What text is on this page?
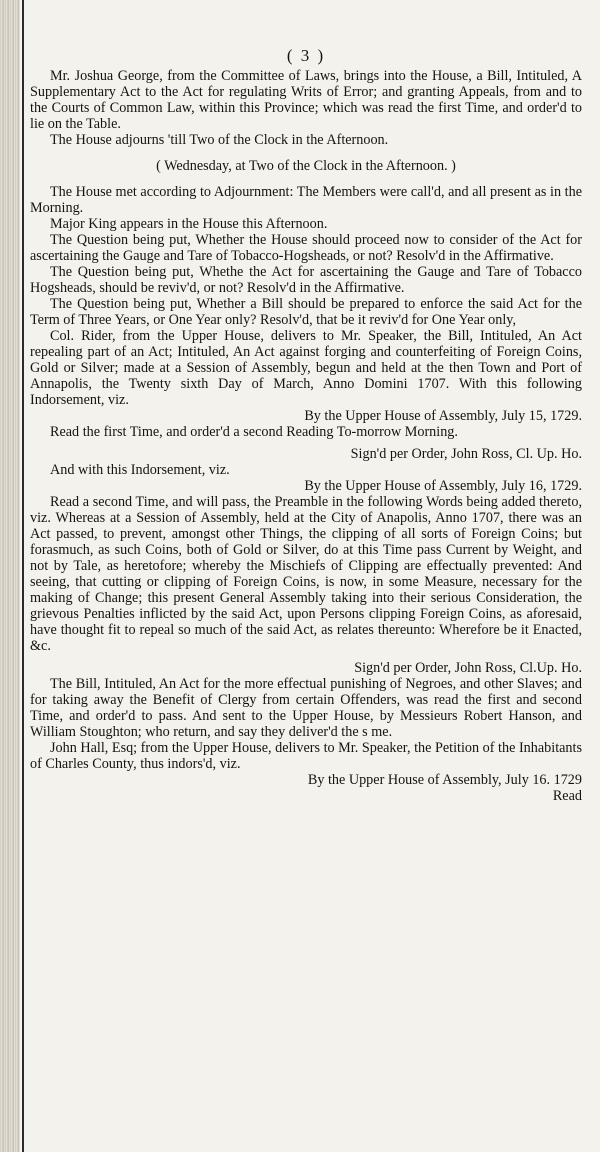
( 3 )

Mr. Joshua George, from the Committee of Laws, brings into the House, a Bill, Intituled, A Supplementary Act to the Act for regulating Writs of Error; and granting Appeals, from and to the Courts of Common Law, within this Province; which was read the first Time, and order'd to lie on the Table.

The House adjourns 'till Two of the Clock in the Afternoon.

( Wednesday, at Two of the Clock in the Afternoon. )

The House met according to Adjournment: The Members were call'd, and all present as in the Morning.

Major King appears in the House this Afternoon.

The Question being put, Whether the House should proceed now to consider of the Act for ascertaining the Gauge and Tare of Tobacco-Hogsheads, or not? Resolv'd in the Affirmative.

The Question being put, Whethe the Act for ascertaining the Gauge and Tare of Tobacco Hogsheads, should be reviv'd, or not? Resolv'd in the Affirmative.

The Question being put, Whether a Bill should be prepared to enforce the said Act for the Term of Three Years, or One Year only? Resolv'd, that be it reviv'd for One Year only,

Col. Rider, from the Upper House, delivers to Mr. Speaker, the Bill, Intituled, An Act repealing part of an Act; Intituled, An Act against forging and counterfeiting of Foreign Coins, Gold or Silver; made at a Session of Assembly, begun and held at the then Town and Port of Annapolis, the Twenty sixth Day of March, Anno Domini 1707. With this following Indorsement, viz.

By the Upper House of Assembly, July 15, 1729.

Read the first Time, and order'd a second Reading To-morrow Morning.

Sign'd per Order, John Ross, Cl. Up. Ho.

And with this Indorsement, viz.

By the Upper House of Assembly, July 16, 1729.

Read a second Time, and will pass, the Preamble in the following Words being added thereto, viz. Whereas at a Session of Assembly, held at the City of Anapolis, Anno 1707, there was an Act passed, to prevent, amongst other Things, the clipping of all sorts of Foreign Coins; but forasmuch, as such Coins, both of Gold or Silver, do at this Time pass Current by Weight, and not by Tale, as heretofore; whereby the Mischiefs of Clipping are effectually prevented: And seeing, that cutting or clipping of Foreign Coins, is now, in some Measure, necessary for the making of Change; this present General Assembly taking into their serious Consideration, the grievous Penalties inflicted by the said Act, upon Persons clipping Foreign Coins, as aforesaid, have thought fit to repeal so much of the said Act, as relates thereunto: Wherefore be it Enacted, &c.

Sign'd per Order, John Ross, Cl.Up. Ho.

The Bill, Intituled, An Act for the more effectual punishing of Negroes, and other Slaves; and for taking away the Benefit of Clergy from certain Offenders, was read the first and second Time, and order'd to pass. And sent to the Upper House, by Messieurs Robert Hanson, and William Stoughton; who return, and say they deliver'd the s me.

John Hall, Esq; from the Upper House, delivers to Mr. Speaker, the Petition of the Inhabitants of Charles County, thus indors'd, viz.

By the Upper House of Assembly, July 16. 1729

Read
